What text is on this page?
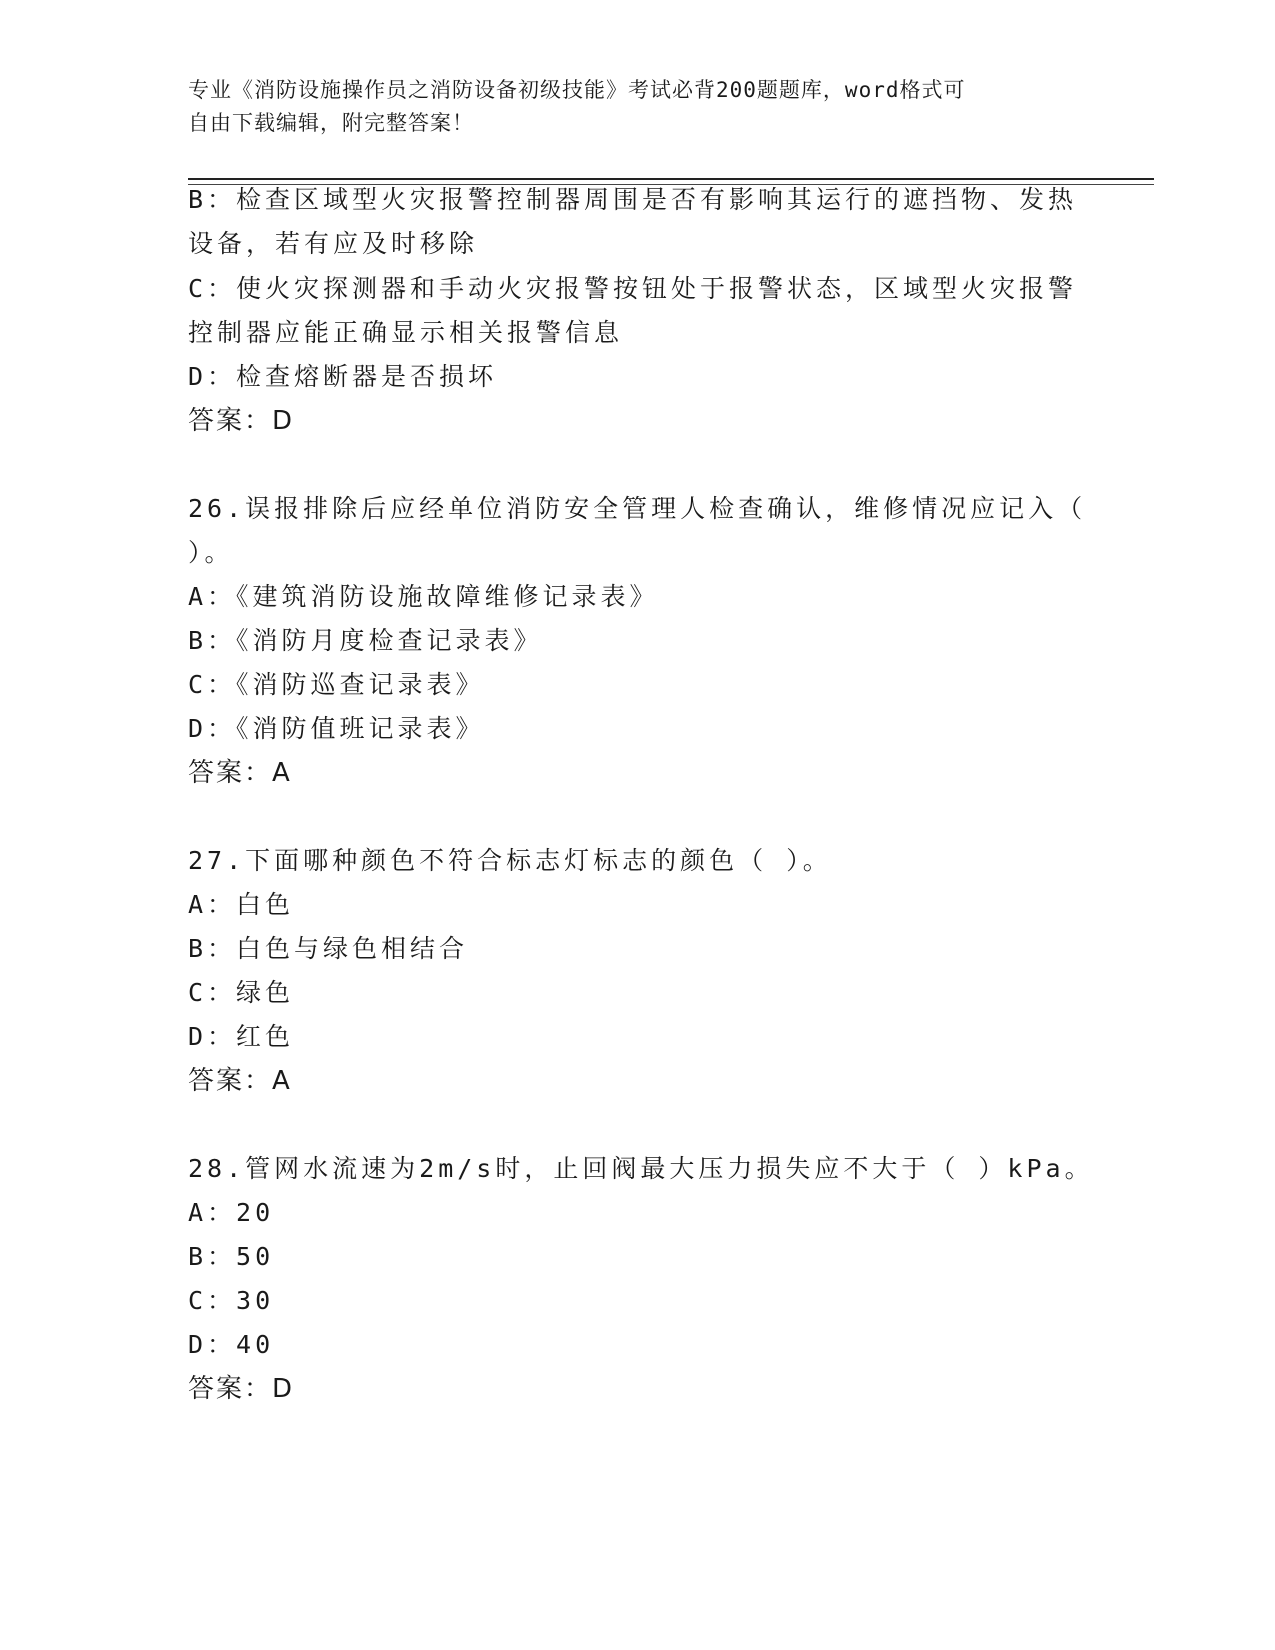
专业《消防设施操作员之消防设备初级技能》考试必背200题题库，word格式可
自由下载编辑，附完整答案！
B：检查区域型火灾报警控制器周围是否有影响其运行的遮挡物、发热
设备，若有应及时移除
C：使火灾探测器和手动火灾报警按钮处于报警状态，区域型火灾报警
控制器应能正确显示相关报警信息
D：检查熔断器是否损坏
答案：D
26.误报排除后应经单位消防安全管理人检查确认，维修情况应记入（
）。
A：《建筑消防设施故障维修记录表》
B：《消防月度检查记录表》
C：《消防巡查记录表》
D：《消防值班记录表》
答案：A
27.下面哪种颜色不符合标志灯标志的颜色（ ）。
A：白色
B：白色与绿色相结合
C：绿色
D：红色
答案：A
28.管网水流速为2m/s时，止回阀最大压力损失应不大于（ ）kPa。
A：20
B：50
C：30
D：40
答案：D
